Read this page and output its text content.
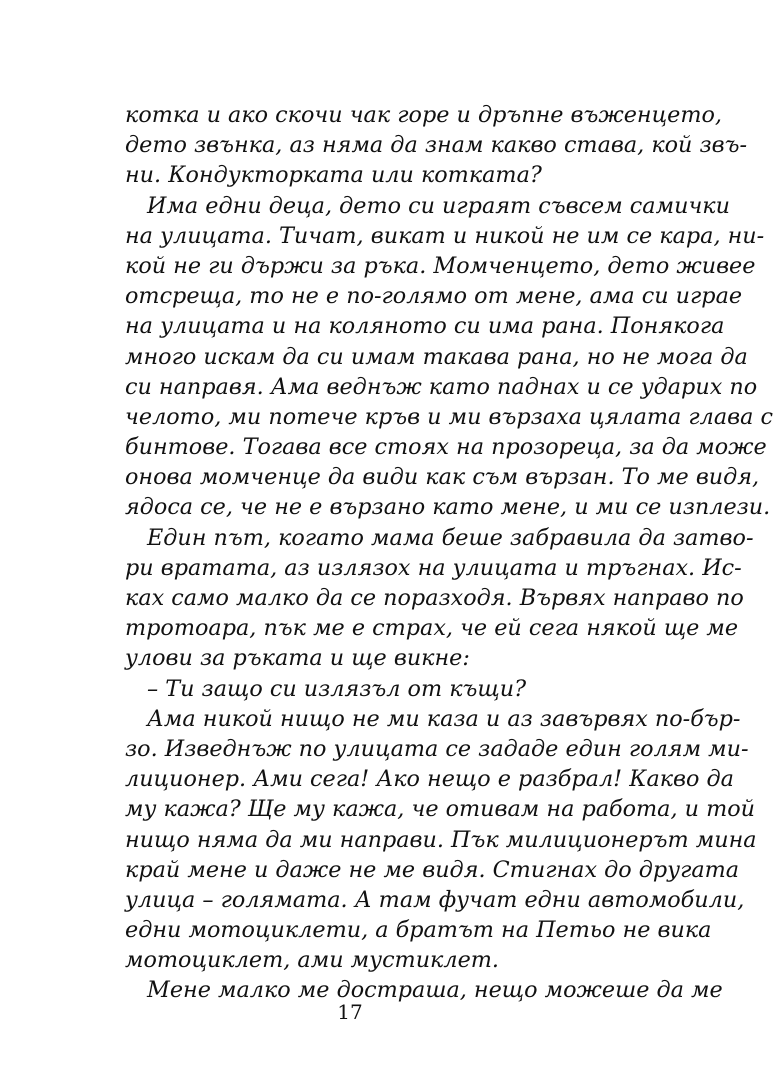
котка и ако скочи чак горе и дръпне въженцето,
дето звънка, аз няма да знам какво става, кой звъ-
ни. Кондукторката или котката?
Има едни деца, дето си играят съвсем самички
на улицата. Тичат, викат и никой не им се кара, ни-
кой не ги държи за ръка. Момченцето, дето живее
отсреща, то не е по-голямо от мене, ама си играе
на улицата и на коляното си има рана. Понякога
много искам да си имам такава рана, но не мога да
си направя. Ама веднъж като паднах и се ударих по
челото, ми потече кръв и ми вързаха цялата глава с
бинтове. Тогава все стоях на прозореца, за да може
онова момченце да види как съм вързан. То ме видя,
ядоса се, че не е вързано като мене, и ми се изплези.
Един път, когато мама беше забравила да затво-
ри вратата, аз излязох на улицата и тръгнах. Ис-
ках само малко да се поразходя. Вървях направо по
тротоара, пък ме е страх, че ей сега някой ще ме
улови за ръката и ще викне:
– Ти защо си излязъл от къщи?
Ама никой нищо не ми каза и аз завървях по-бър-
зо. Изведнъж по улицата се зададе един голям ми-
лиционер. Ами сега! Ако нещо е разбрал! Какво да
му кажа? Ще му кажа, че отивам на работа, и той
нищо няма да ми направи. Пък милиционерът мина
край мене и даже не ме видя. Стигнах до другата
улица – голямата. А там фучат едни автомобили,
едни мотоциклети, а братът на Петьо не вика
мотоциклет, ами мустиклет.
Мене малко ме достраша, нещо можеше да ме
17
